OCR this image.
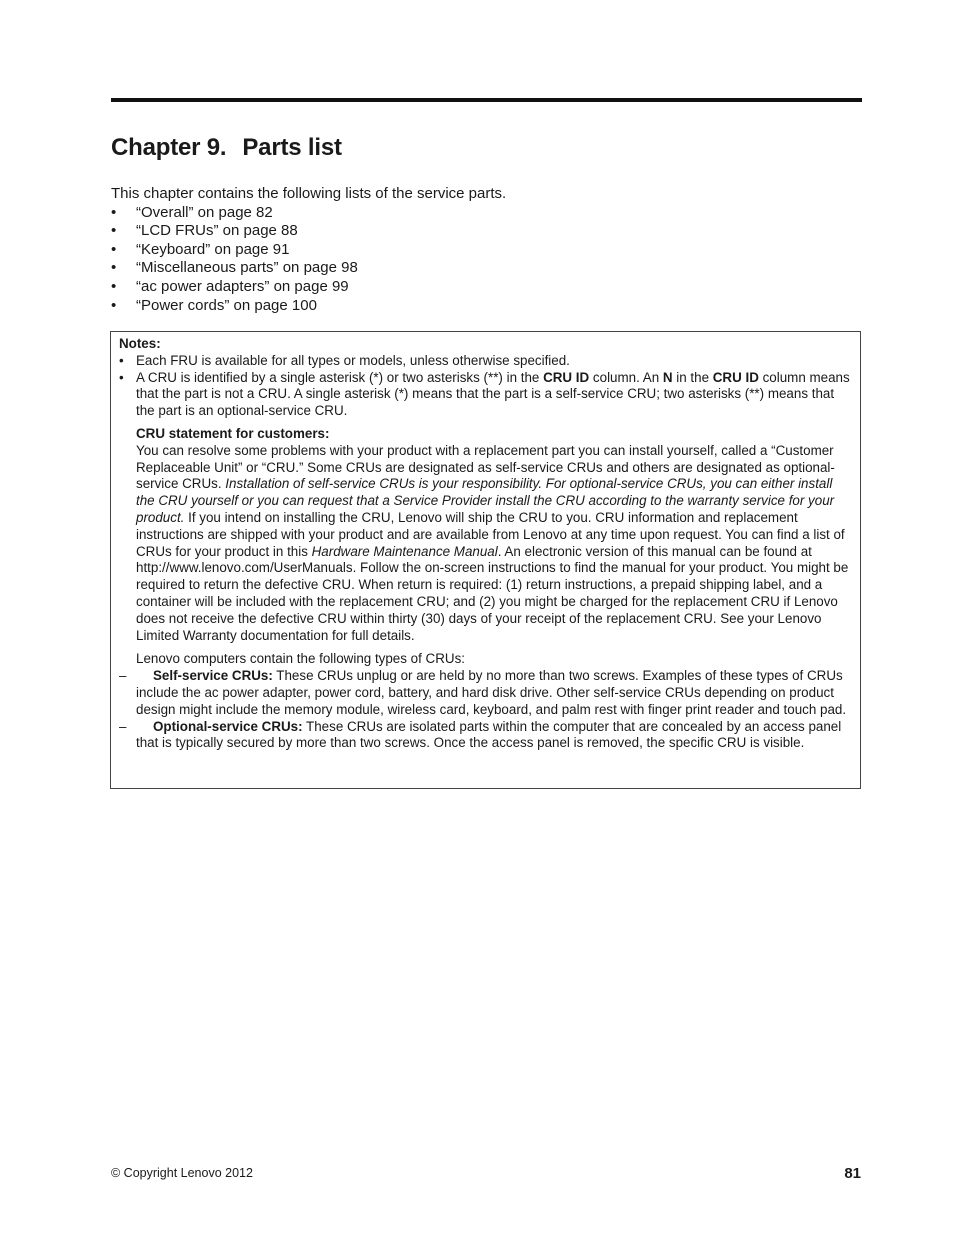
Chapter 9. Parts list
This chapter contains the following lists of the service parts.
• “Overall” on page 82
• “LCD FRUs” on page 88
• “Keyboard” on page 91
• “Miscellaneous parts” on page 98
• “ac power adapters” on page 99
• “Power cords” on page 100

Notes:

• Each FRU is available for all types or models, unless otherwise specified.

• A CRU is identified by a single asterisk (*) or two asterisks (**) in the CRU ID column. An N in the CRU ID column means that the part is not a CRU. A single asterisk (*) means that the part is a self-service CRU; two asterisks (**) means that the part is an optional-service CRU.

CRU statement for customers:

You can resolve some problems with your product with a replacement part you can install yourself, called a “Customer Replaceable Unit” or “CRU.” Some CRUs are designated as self-service CRUs and others are designated as optional-service CRUs. Installation of self-service CRUs is your responsibility. For optional-service CRUs, you can either install the CRU yourself or you can request that a Service Provider install the CRU according to the warranty service for your product. If you intend on installing the CRU, Lenovo will ship the CRU to you. CRU information and replacement instructions are shipped with your product and are available from Lenovo at any time upon request. You can find a list of CRUs for your product in this Hardware Maintenance Manual. An electronic version of this manual can be found at http://www.lenovo.com/UserManuals. Follow the on-screen instructions to find the manual for your product. You might be required to return the defective CRU. When return is required: (1) return instructions, a prepaid shipping label, and a container will be included with the replacement CRU; and (2) you might be charged for the replacement CRU if Lenovo does not receive the defective CRU within thirty (30) days of your receipt of the replacement CRU. See your Lenovo Limited Warranty documentation for full details.

Lenovo computers contain the following types of CRUs:

– Self-service CRUs: These CRUs unplug or are held by no more than two screws. Examples of these types of CRUs include the ac power adapter, power cord, battery, and hard disk drive. Other self-service CRUs depending on product design might include the memory module, wireless card, keyboard, and palm rest with finger print reader and touch pad.

– Optional-service CRUs: These CRUs are isolated parts within the computer that are concealed by an access panel that is typically secured by more than two screws. Once the access panel is removed, the specific CRU is visible.

© Copyright Lenovo 2012	81
